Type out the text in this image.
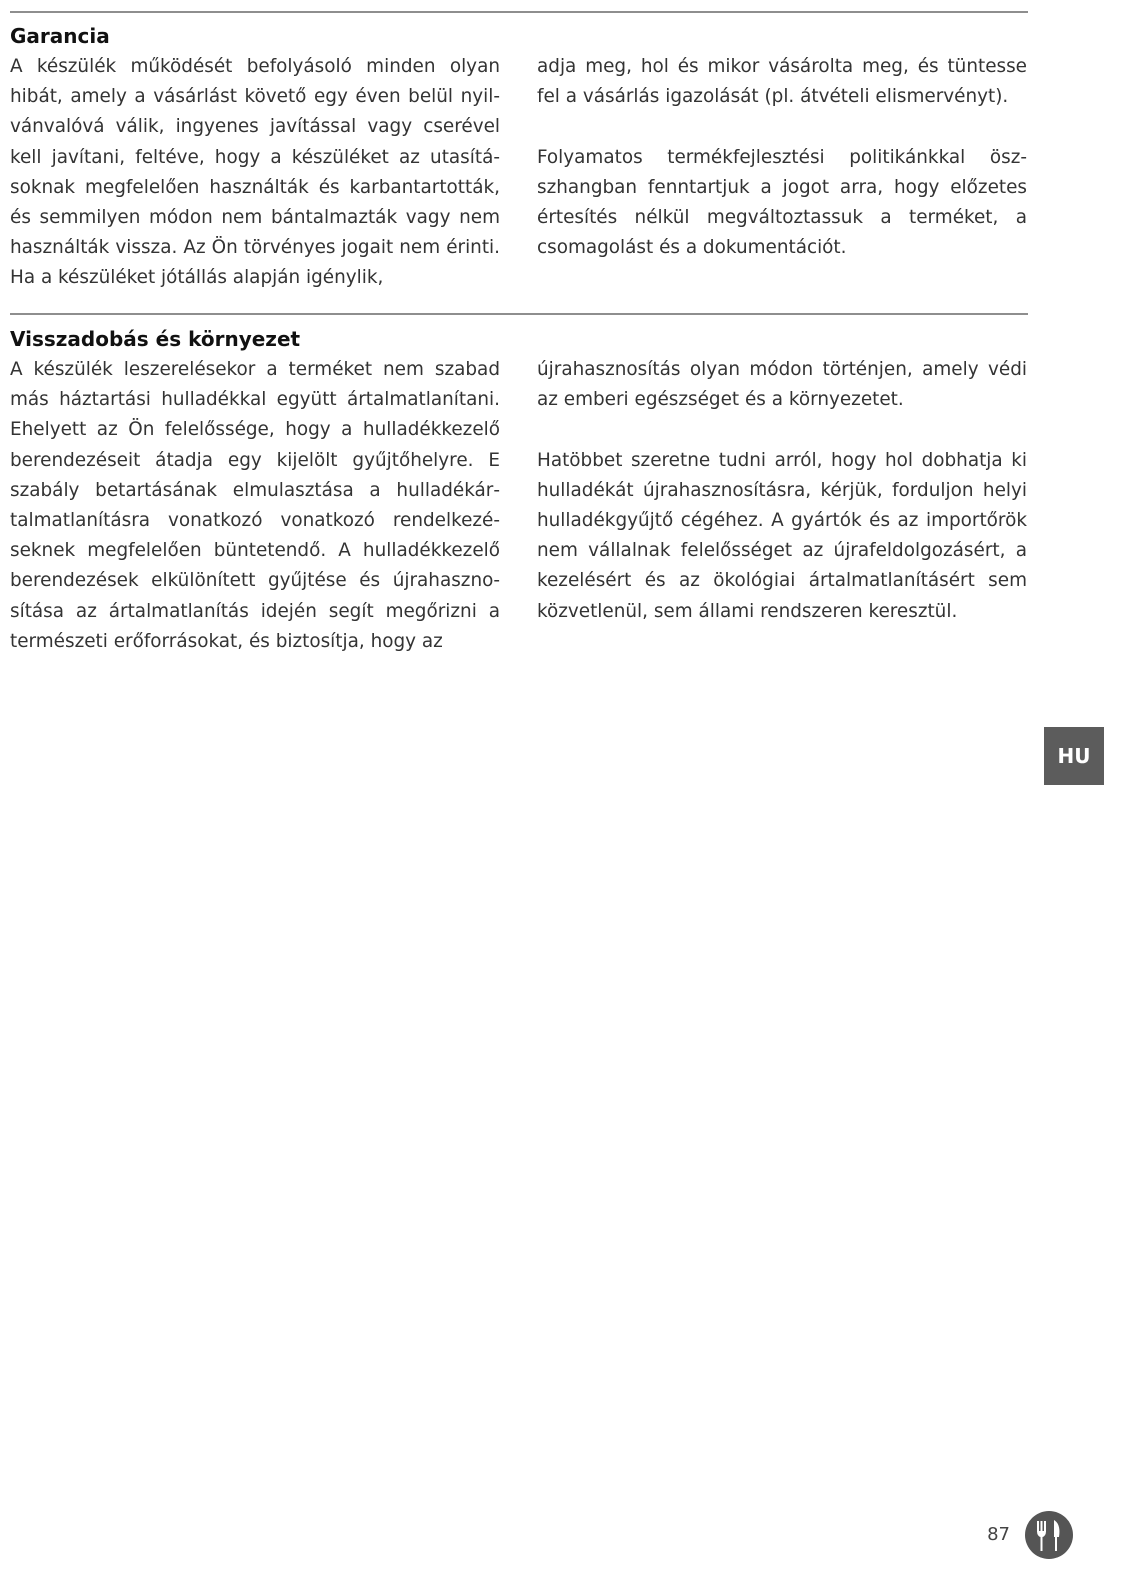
Garancia

A készülék működését befolyásoló minden olyan hibát, amely a vásárlást követő egy éven belül nyilvánvalóvá válik, ingyenes javítással vagy cserével kell javítani, feltéve, hogy a készüléket az utasításoknak megfelelően használták és karbantartották, és semmilyen módon nem bántalmazták vagy nem használták vissza. Az Ön törvényes jogait nem érinti. Ha a készüléket jótállás alapján igénylik,

adja meg, hol és mikor vásárolta meg, és tüntesse fel a vásárlás igazolását (pl. átvételi elismervényt).

Folyamatos termékfejlesztési politikánkkal öszszhangban fenntartjuk a jogot arra, hogy előzetes értesítés nélkül megváltoztassuk a terméket, a csomagolást és a dokumentációt.

Visszadobás és környezet

A készülék leszerelésekor a terméket nem szabad más háztartási hulladékkal együtt ártalmatlanítani. Ehelyett az Ön felelőssége, hogy a hulladékkezelő berendezéseit átadja egy kijelölt gyűjtőhelyre. E szabály betartásának elmulasztása a hulladékártalmatlanításra vonatkozó vonatkozó rendelkezéseknek megfelelően büntetendő. A hulladékkezelő berendezések elkülönített gyűjtése és újrahasznosítása az ártalmatlanítás idején segít megőrizni a természeti erőforrásokat, és biztosítja, hogy az

újrahasznosítás olyan módon történjen, amely védi az emberi egészséget és a környezetet.

Hatöbbet szeretne tudni arról, hogy hol dobhatja ki hulladékát újrahasznosításra, kérjük, forduljon helyi hulladékgyűjtő cégéhez. A gyártók és az importőrök nem vállalnak felelősséget az újrafeldolgozásért, a kezelésért és az ökológiai ártalmatlanításért sem közvetlenül, sem állami rendszeren keresztül.

HU
87
